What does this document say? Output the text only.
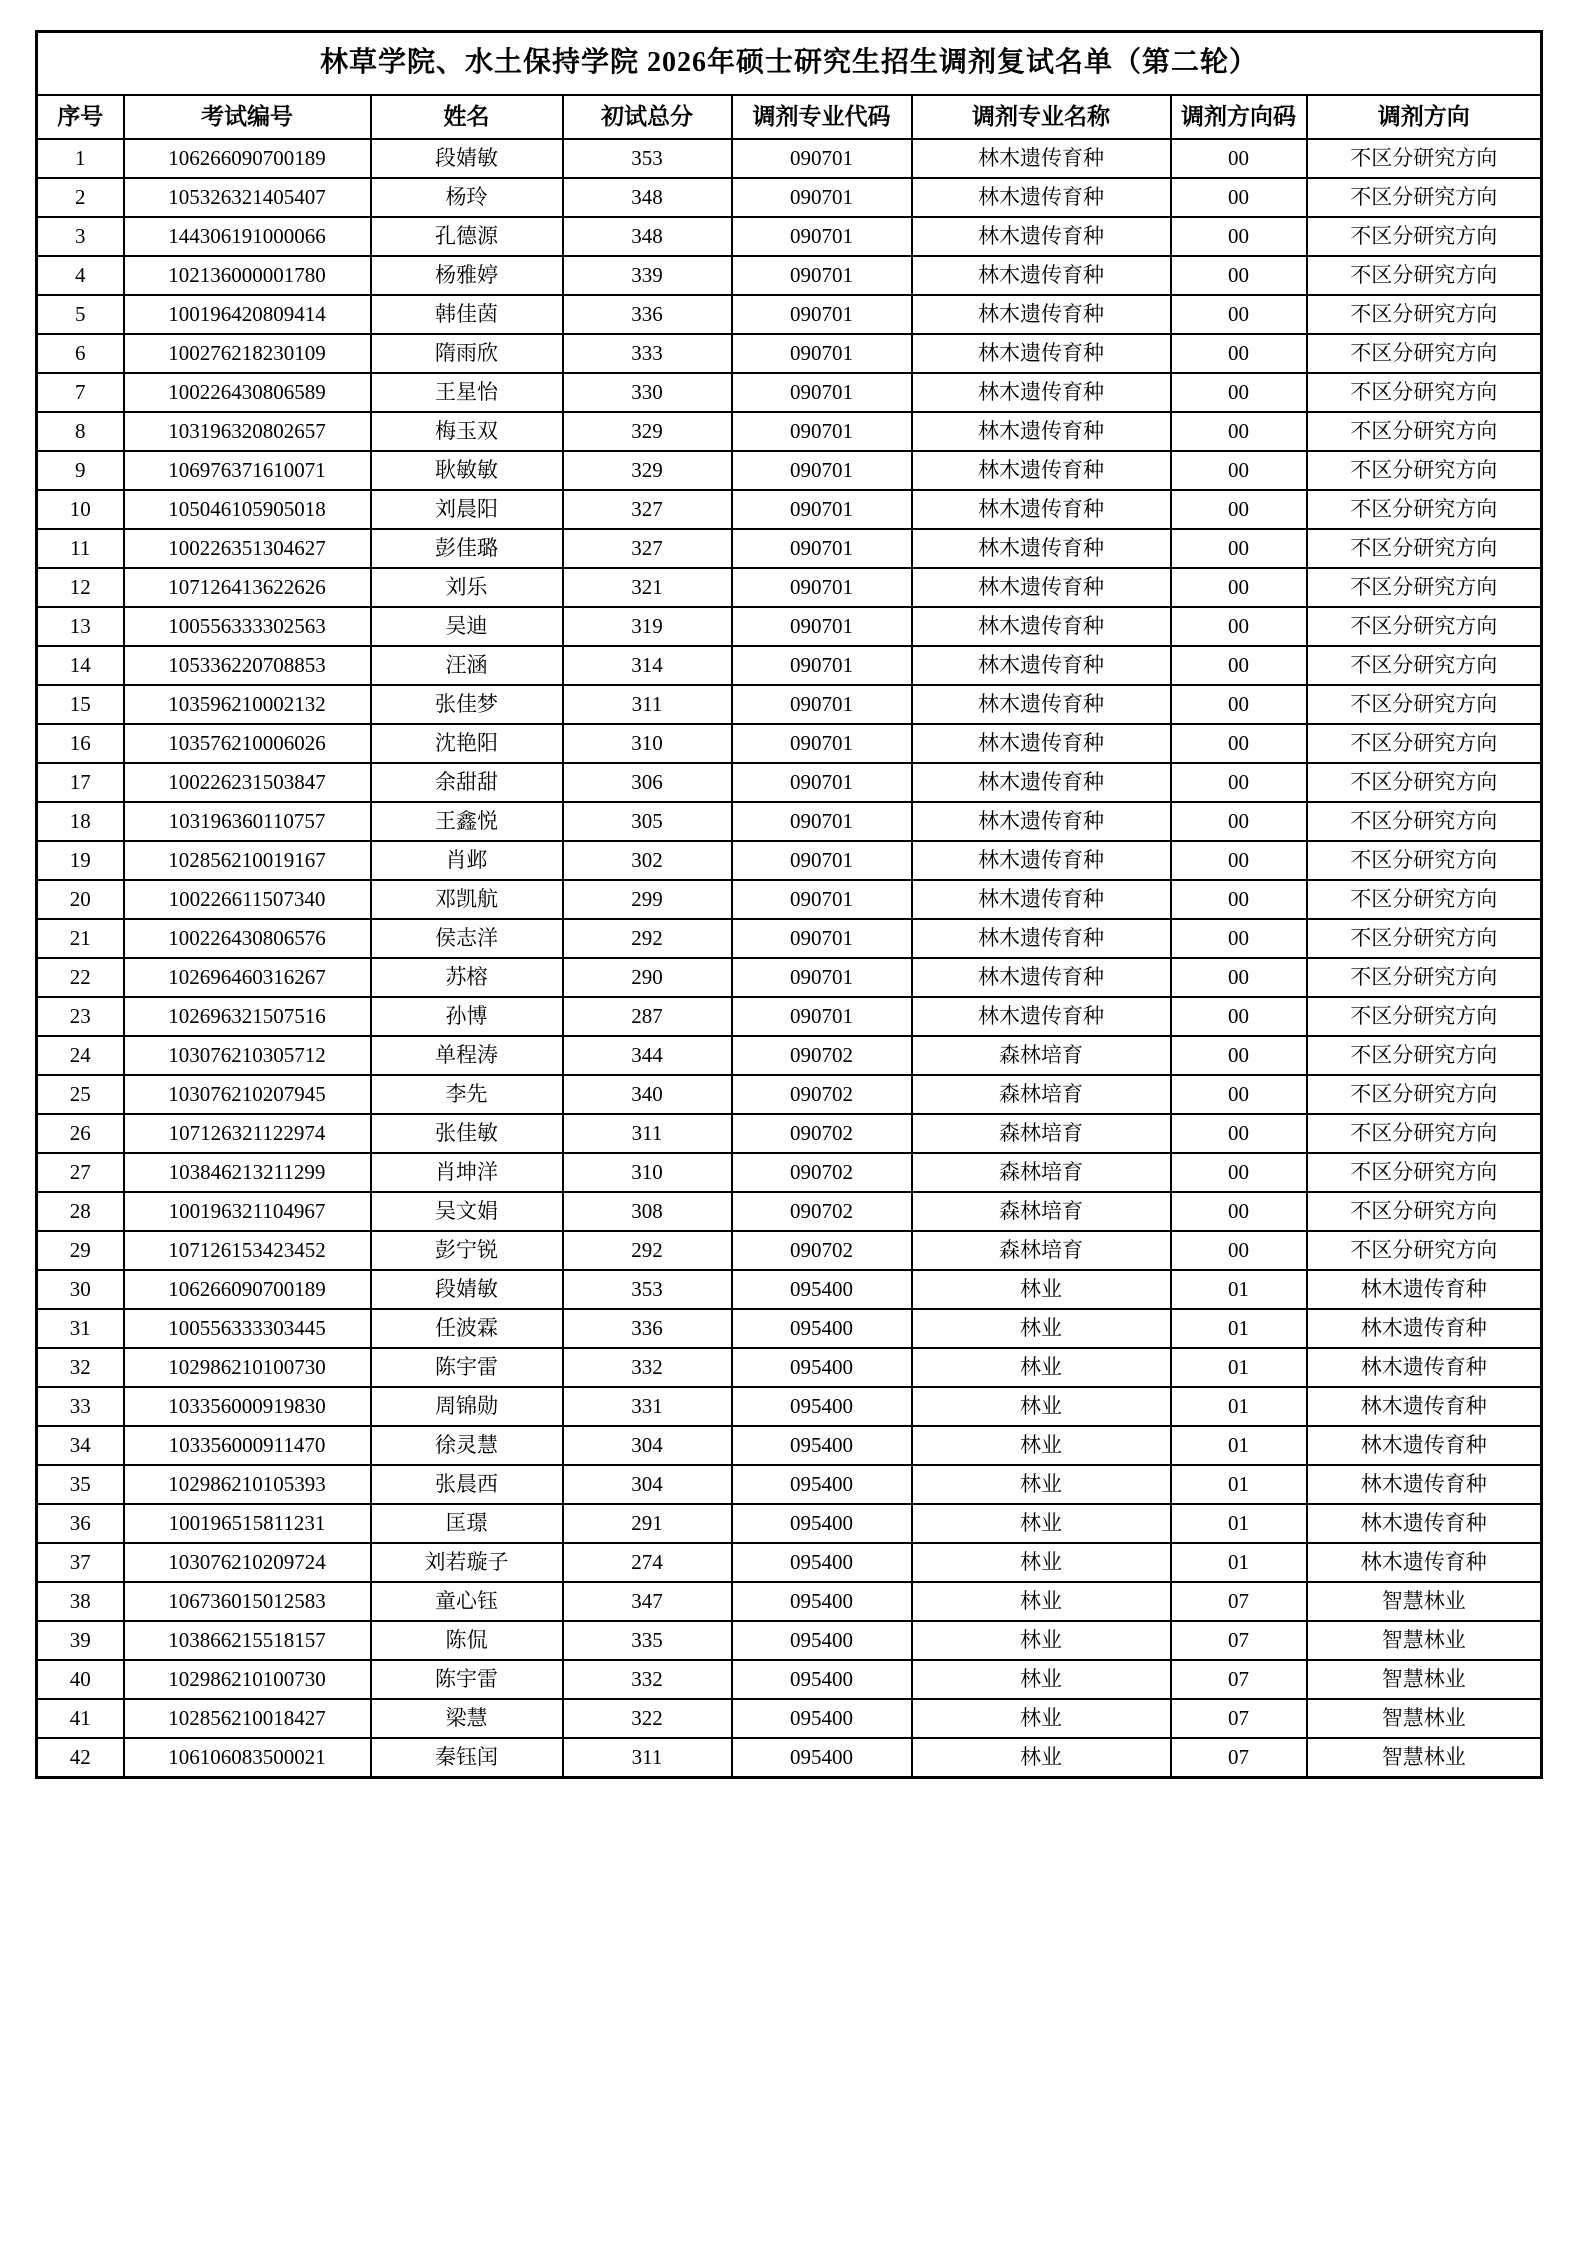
林草学院、水土保持学院 2026年硕士研究生招生调剂复试名单（第二轮）							
序号	考试编号	姓名	初试总分	调剂专业代码	调剂专业名称	调剂方向码	调剂方向
1	106266090700189	段婧敏	353	090701	林木遗传育种	00	不区分研究方向
2	105326321405407	杨玲	348	090701	林木遗传育种	00	不区分研究方向
3	144306191000066	孔德源	348	090701	林木遗传育种	00	不区分研究方向
4	102136000001780	杨雅婷	339	090701	林木遗传育种	00	不区分研究方向
5	100196420809414	韩佳茵	336	090701	林木遗传育种	00	不区分研究方向
6	100276218230109	隋雨欣	333	090701	林木遗传育种	00	不区分研究方向
7	100226430806589	王星怡	330	090701	林木遗传育种	00	不区分研究方向
8	103196320802657	梅玉双	329	090701	林木遗传育种	00	不区分研究方向
9	106976371610071	耿敏敏	329	090701	林木遗传育种	00	不区分研究方向
10	105046105905018	刘晨阳	327	090701	林木遗传育种	00	不区分研究方向
11	100226351304627	彭佳璐	327	090701	林木遗传育种	00	不区分研究方向
12	107126413622626	刘乐	321	090701	林木遗传育种	00	不区分研究方向
13	100556333302563	吴迪	319	090701	林木遗传育种	00	不区分研究方向
14	105336220708853	汪涵	314	090701	林木遗传育种	00	不区分研究方向
15	103596210002132	张佳梦	311	090701	林木遗传育种	00	不区分研究方向
16	103576210006026	沈艳阳	310	090701	林木遗传育种	00	不区分研究方向
17	100226231503847	余甜甜	306	090701	林木遗传育种	00	不区分研究方向
18	103196360110757	王鑫悦	305	090701	林木遗传育种	00	不区分研究方向
19	102856210019167	肖邺	302	090701	林木遗传育种	00	不区分研究方向
20	100226611507340	邓凯航	299	090701	林木遗传育种	00	不区分研究方向
21	100226430806576	侯志洋	292	090701	林木遗传育种	00	不区分研究方向
22	102696460316267	苏榕	290	090701	林木遗传育种	00	不区分研究方向
23	102696321507516	孙博	287	090701	林木遗传育种	00	不区分研究方向
24	103076210305712	单程涛	344	090702	森林培育	00	不区分研究方向
25	103076210207945	李先	340	090702	森林培育	00	不区分研究方向
26	107126321122974	张佳敏	311	090702	森林培育	00	不区分研究方向
27	103846213211299	肖坤洋	310	090702	森林培育	00	不区分研究方向
28	100196321104967	吴文娟	308	090702	森林培育	00	不区分研究方向
29	107126153423452	彭宁锐	292	090702	森林培育	00	不区分研究方向
30	106266090700189	段婧敏	353	095400	林业	01	林木遗传育种
31	100556333303445	任波霖	336	095400	林业	01	林木遗传育种
32	102986210100730	陈宇雷	332	095400	林业	01	林木遗传育种
33	103356000919830	周锦勋	331	095400	林业	01	林木遗传育种
34	103356000911470	徐灵慧	304	095400	林业	01	林木遗传育种
35	102986210105393	张晨西	304	095400	林业	01	林木遗传育种
36	100196515811231	匡璟	291	095400	林业	01	林木遗传育种
37	103076210209724	刘若璇子	274	095400	林业	01	林木遗传育种
38	106736015012583	童心钰	347	095400	林业	07	智慧林业
39	103866215518157	陈侃	335	095400	林业	07	智慧林业
40	102986210100730	陈宇雷	332	095400	林业	07	智慧林业
41	102856210018427	梁慧	322	095400	林业	07	智慧林业
42	106106083500021	秦钰闰	311	095400	林业	07	智慧林业
